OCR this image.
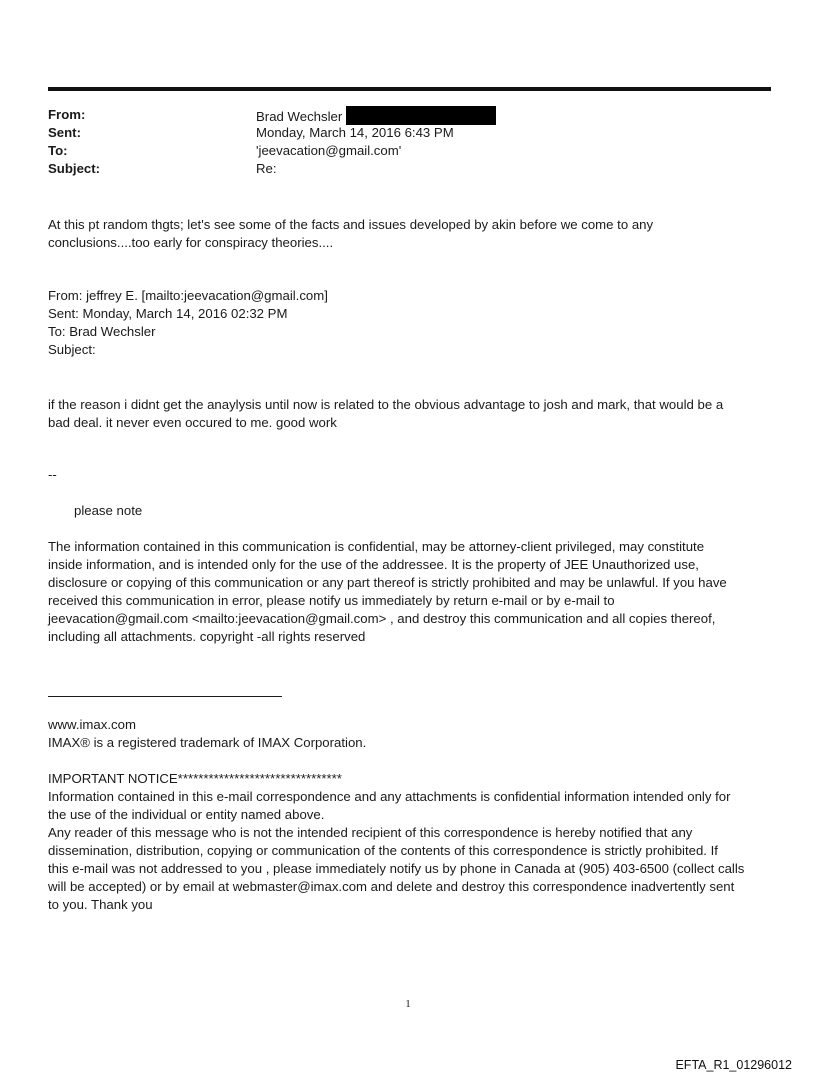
From:	Brad Wechsler
Sent:	Monday, March 14, 2016 6:43 PM
To:	'jeevacation@gmail.com'
Subject:	Re:

At this pt random thgts; let's see some of the facts and issues developed by akin before we come to any

conclusions....too early for conspiracy theories....

From: jeffrey E. [mailto:jeevacation@gmail.com]

Sent: Monday, March 14, 2016 02:32 PM

To: Brad Wechsler

Subject:

if the reason i didnt get the anaylysis until now is related to the obvious advantage to josh and mark, that would be a

bad deal. it never even occured to me. good work

--
please note

The information contained in this communication is confidential, may be attorney-client privileged, may constitute

inside information, and is intended only for the use of the addressee. It is the property of JEE Unauthorized use,

disclosure or copying of this communication or any part thereof is strictly prohibited and may be unlawful. If you have

received this communication in error, please notify us immediately by return e-mail or by e-mail to

jeevacation@gmail.com <mailto:jeevacation@gmail.com> , and destroy this communication and all copies thereof,

including all attachments. copyright -all rights reserved

www.imax.com

IMAX® is a registered trademark of IMAX Corporation.

IMPORTANT NOTICE********************************

Information contained in this e-mail correspondence and any attachments is confidential information intended only for

the use of the individual or entity named above.

Any reader of this message who is not the intended recipient of this correspondence is hereby notified that any

dissemination, distribution, copying or communication of the contents of this correspondence is strictly prohibited. If

this e-mail was not addressed to you , please immediately notify us by phone in Canada at (905) 403-6500 (collect calls

will be accepted) or by email at webmaster@imax.com and delete and destroy this correspondence inadvertently sent

to you. Thank you

1
EFTA_R1_01296012
